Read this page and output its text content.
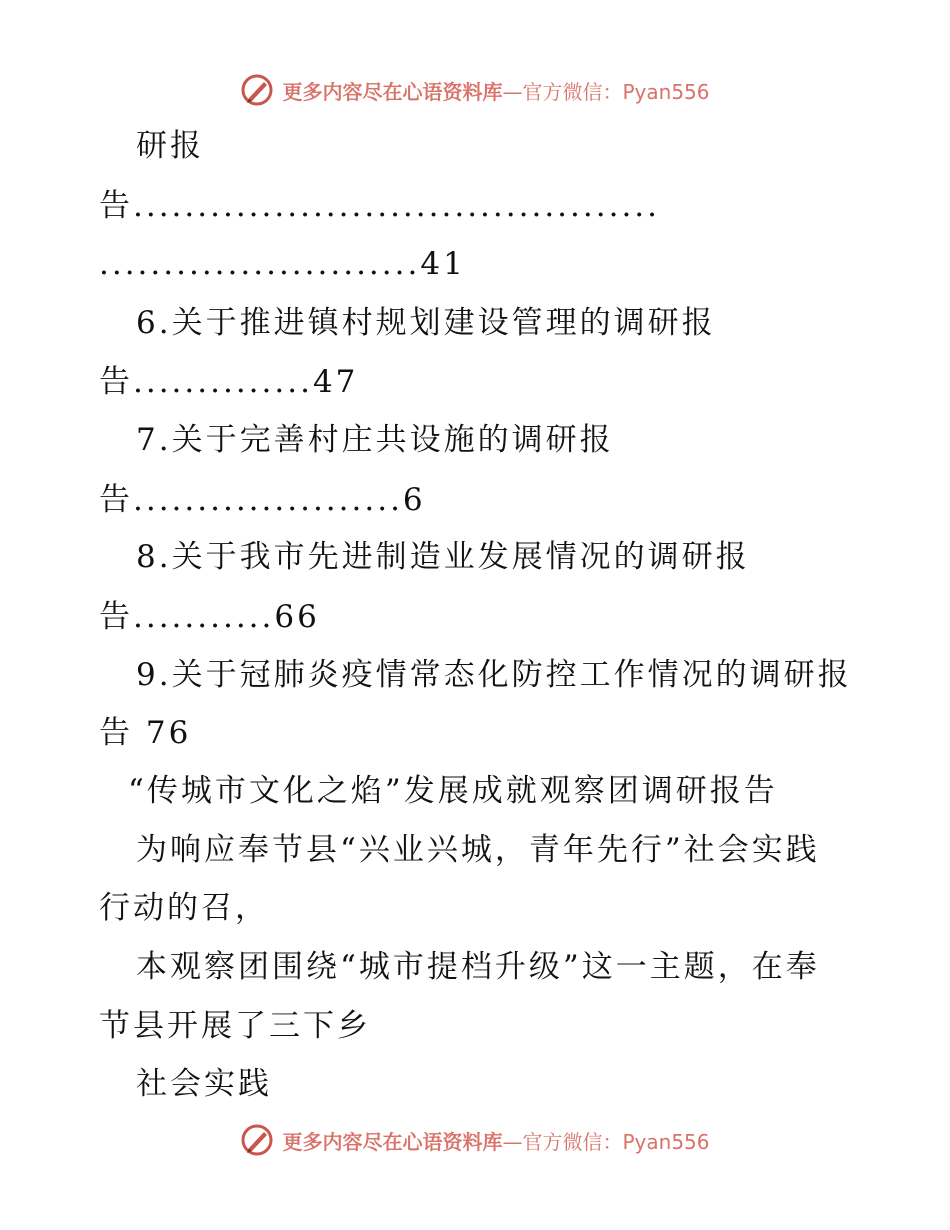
更多内容尽在心语资料库—官方微信：Pyan556
研报
告.........................................
.........................41
6.关于推进镇村规划建设管理的调研报
告..............47
7.关于完善村庄共设施的调研报
告.....................6
8.关于我市先进制造业发展情况的调研报
告...........66
9.关于冠肺炎疫情常态化防控工作情况的调研报
告 76
“传城市文化之焰”发展成就观察团调研报告
为响应奉节县“兴业兴城，青年先行”社会实践
行动的召，
本观察团围绕“城市提档升级”这一主题，在奉
节县开展了三下乡
社会实践
更多内容尽在心语资料库—官方微信：Pyan556
